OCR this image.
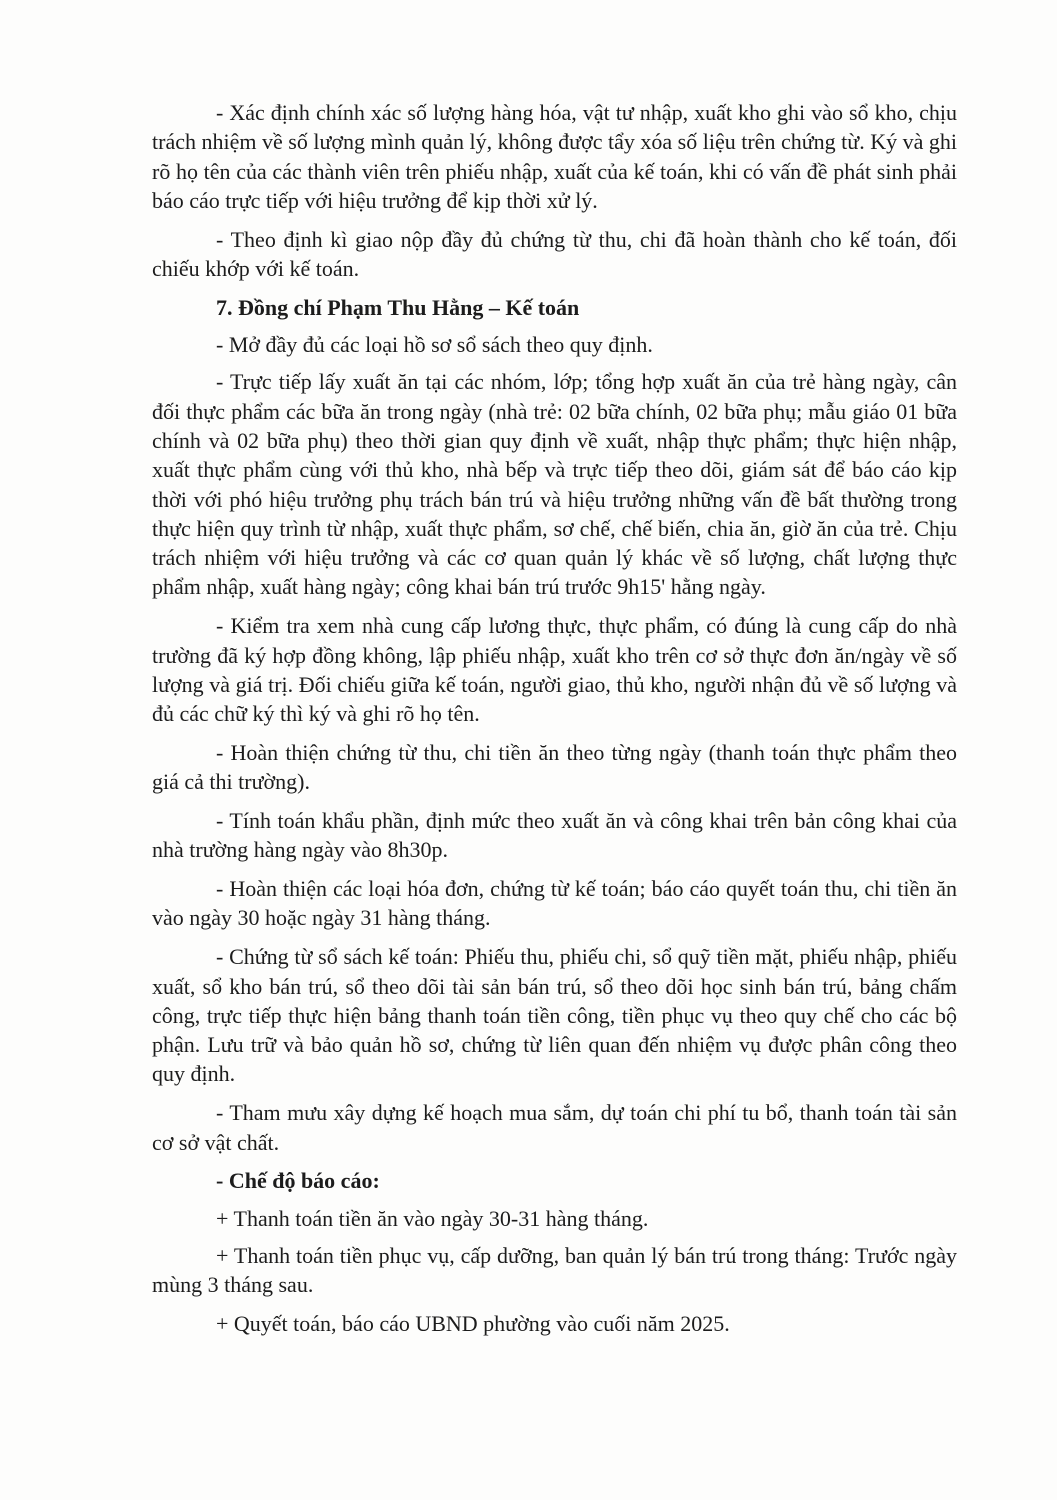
- Xác định chính xác số lượng hàng hóa, vật tư nhập, xuất kho ghi vào sổ kho, chịu trách nhiệm về số lượng mình quản lý, không được tẩy xóa số liệu trên chứng từ. Ký và ghi rõ họ tên của các thành viên trên phiếu nhập, xuất của kế toán, khi có vấn đề phát sinh phải báo cáo trực tiếp với hiệu trưởng để kịp thời xử lý.

- Theo định kì giao nộp đầy đủ chứng từ thu, chi đã hoàn thành cho kế toán, đối chiếu khớp với kế toán.

7. Đồng chí Phạm Thu Hằng – Kế toán

- Mở đầy đủ các loại hồ sơ sổ sách theo quy định.

- Trực tiếp lấy xuất ăn tại các nhóm, lớp; tổng hợp xuất ăn của trẻ hàng ngày, cân đối thực phẩm các bữa ăn trong ngày (nhà trẻ: 02 bữa chính, 02 bữa phụ; mẫu giáo 01 bữa chính và 02 bữa phụ) theo thời gian quy định về xuất, nhập thực phẩm; thực hiện nhập, xuất thực phẩm cùng với thủ kho, nhà bếp và trực tiếp theo dõi, giám sát để báo cáo kịp thời với phó hiệu trưởng phụ trách bán trú và hiệu trưởng những vấn đề bất thường trong thực hiện quy trình từ nhập, xuất thực phẩm, sơ chế, chế biến, chia ăn, giờ ăn của trẻ. Chịu trách nhiệm với hiệu trưởng và các cơ quan quản lý khác về số lượng, chất lượng thực phẩm nhập, xuất hàng ngày; công khai bán trú trước 9h15' hằng ngày.

- Kiểm tra xem nhà cung cấp lương thực, thực phẩm, có đúng là cung cấp do nhà trường đã ký hợp đồng không, lập phiếu nhập, xuất kho trên cơ sở thực đơn ăn/ngày về số lượng và giá trị. Đối chiếu giữa kế toán, người giao, thủ kho, người nhận đủ về số lượng và đủ các chữ ký thì ký và ghi rõ họ tên.

- Hoàn thiện chứng từ thu, chi tiền ăn theo từng ngày (thanh toán thực phẩm theo giá cả thi trường).

- Tính toán khẩu phần, định mức theo xuất ăn và công khai trên bản công khai của nhà trường hàng ngày vào 8h30p.

- Hoàn thiện các loại hóa đơn, chứng từ kế toán; báo cáo quyết toán thu, chi tiền ăn vào ngày 30 hoặc ngày 31 hàng tháng.

- Chứng từ sổ sách kế toán: Phiếu thu, phiếu chi, sổ quỹ tiền mặt, phiếu nhập, phiếu xuất, sổ kho bán trú, sổ theo dõi tài sản bán trú, sổ theo dõi học sinh bán trú, bảng chấm công, trực tiếp thực hiện bảng thanh toán tiền công, tiền phục vụ theo quy chế cho các bộ phận. Lưu trữ và bảo quản hồ sơ, chứng từ liên quan đến nhiệm vụ được phân công theo quy định.

- Tham mưu xây dựng kế hoạch mua sắm, dự toán chi phí tu bổ, thanh toán tài sản cơ sở vật chất.

- Chế độ báo cáo:

+ Thanh toán tiền ăn vào ngày 30-31 hàng tháng.

+ Thanh toán tiền phục vụ, cấp dưỡng, ban quản lý bán trú trong tháng: Trước ngày mùng 3 tháng sau.

+ Quyết toán, báo cáo UBND phường vào cuối năm 2025.
